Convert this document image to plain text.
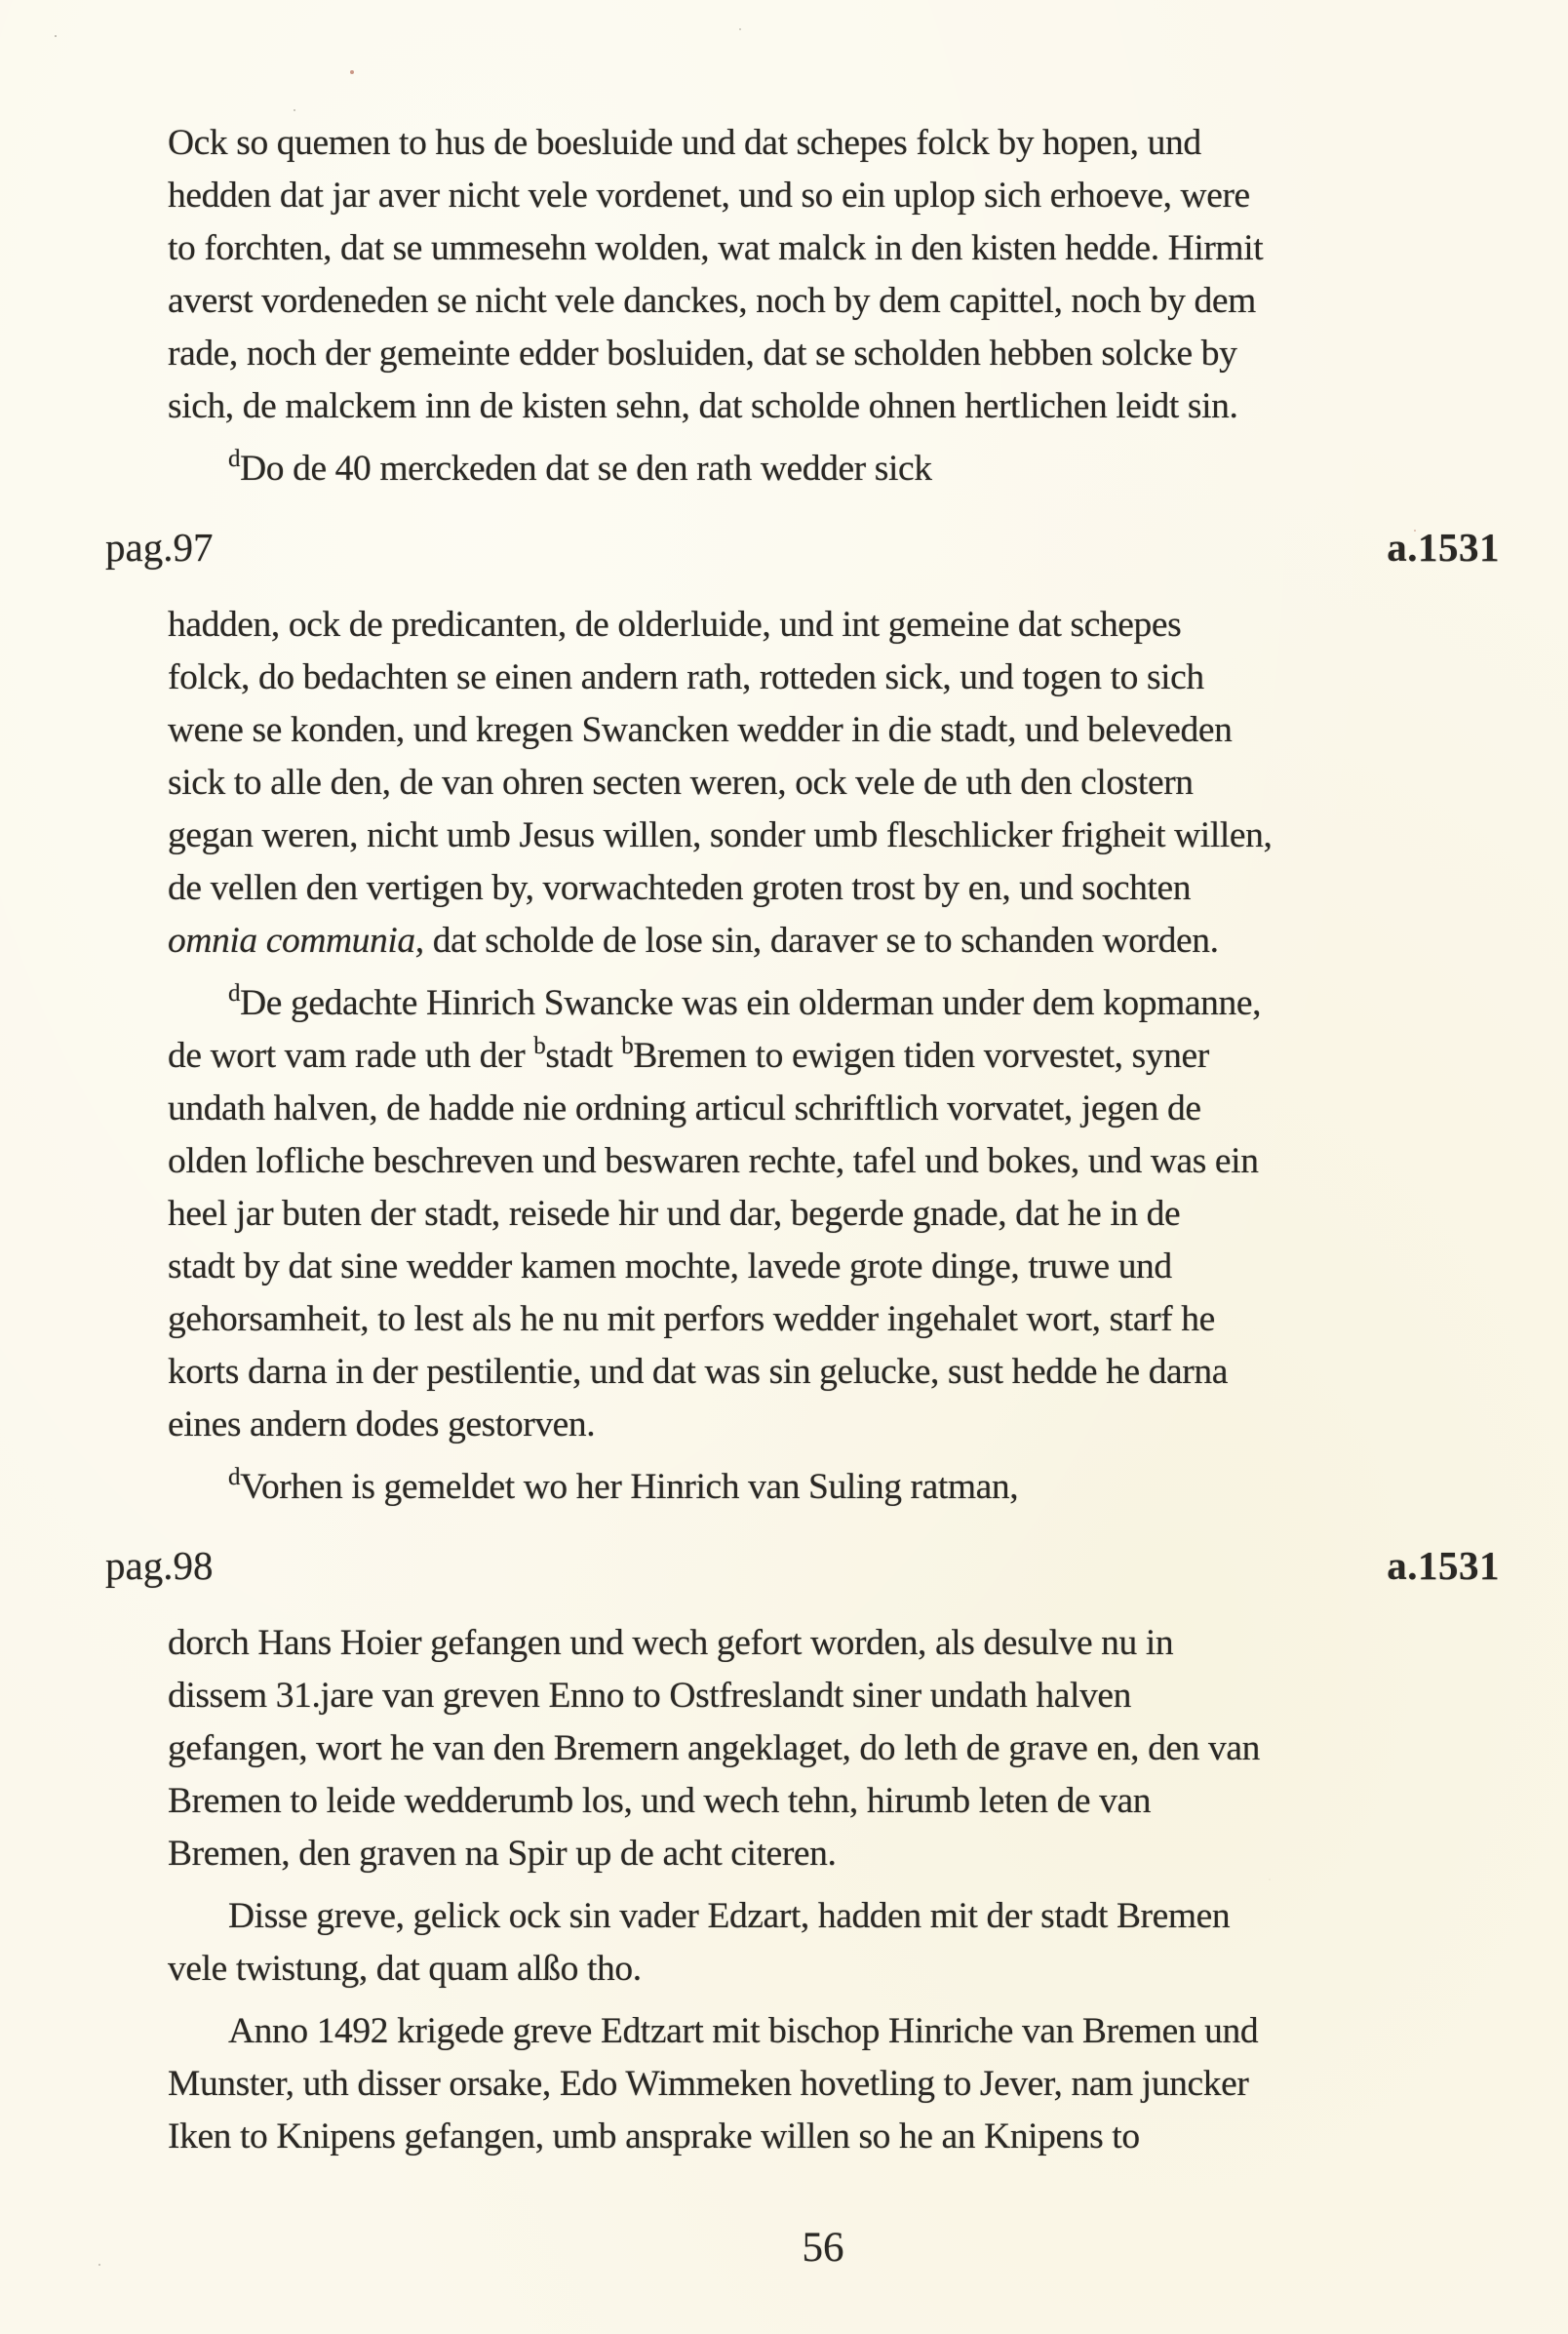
Ock so quemen to hus de boesluide und dat schepes folck by hopen, und
hedden dat jar aver nicht vele vordenet, und so ein uplop sich erhoeve, were
to forchten, dat se ummesehn wolden, wat malck in den kisten hedde. Hirmit
averst vordeneden se nicht vele danckes, noch by dem capittel, noch by dem
rade, noch der gemeinte edder bosluiden, dat se scholden hebben solcke by
sich, de malckem inn de kisten sehn, dat scholde ohnen hertlichen leidt sin.
dDo de 40 merckeden dat se den rath wedder sick
pag.97	a.1531
hadden, ock de predicanten, de olderluide, und int gemeine dat schepes
folck, do bedachten se einen andern rath, rotteden sick, und togen to sich
wene se konden, und kregen Swancken wedder in die stadt, und beleveden
sick to alle den, de van ohren secten weren, ock vele de uth den clostern
gegan weren, nicht umb Jesus willen, sonder umb fleschlicker frigheit willen,
de vellen den vertigen by, vorwachteden groten trost by en, und sochten
omnia communia, dat scholde de lose sin, daraver se to schanden worden.
dDe gedachte Hinrich Swancke was ein olderman under dem kopmanne,
de wort vam rade uth der bstadt bBremen to ewigen tiden vorvestet, syner
undath halven, de hadde nie ordning articul schriftlich vorvatet, jegen de
olden lofliche beschreven und beswaren rechte, tafel und bokes, und was ein
heel jar buten der stadt, reisede hir und dar, begerde gnade, dat he in de
stadt by dat sine wedder kamen mochte, lavede grote dinge, truwe und
gehorsamheit, to lest als he nu mit perfors wedder ingehalet wort, starf he
korts darna in der pestilentie, und dat was sin gelucke, sust hedde he darna
eines andern dodes gestorven.
dVorhen is gemeldet wo her Hinrich van Suling ratman,
pag.98	a.1531
dorch Hans Hoier gefangen und wech gefort worden, als desulve nu in
dissem 31.jare van greven Enno to Ostfreslandt siner undath halven
gefangen, wort he van den Bremern angeklaget, do leth de grave en, den van
Bremen to leide wedderumb los, und wech tehn, hirumb leten de van
Bremen, den graven na Spir up de acht citeren.
Disse greve, gelick ock sin vader Edzart, hadden mit der stadt Bremen
vele twistung, dat quam alßo tho.
Anno 1492 krigede greve Edtzart mit bischop Hinriche van Bremen und
Munster, uth disser orsake, Edo Wimmeken hovetling to Jever, nam juncker
Iken to Knipens gefangen, umb ansprake willen so he an Knipens to
56
